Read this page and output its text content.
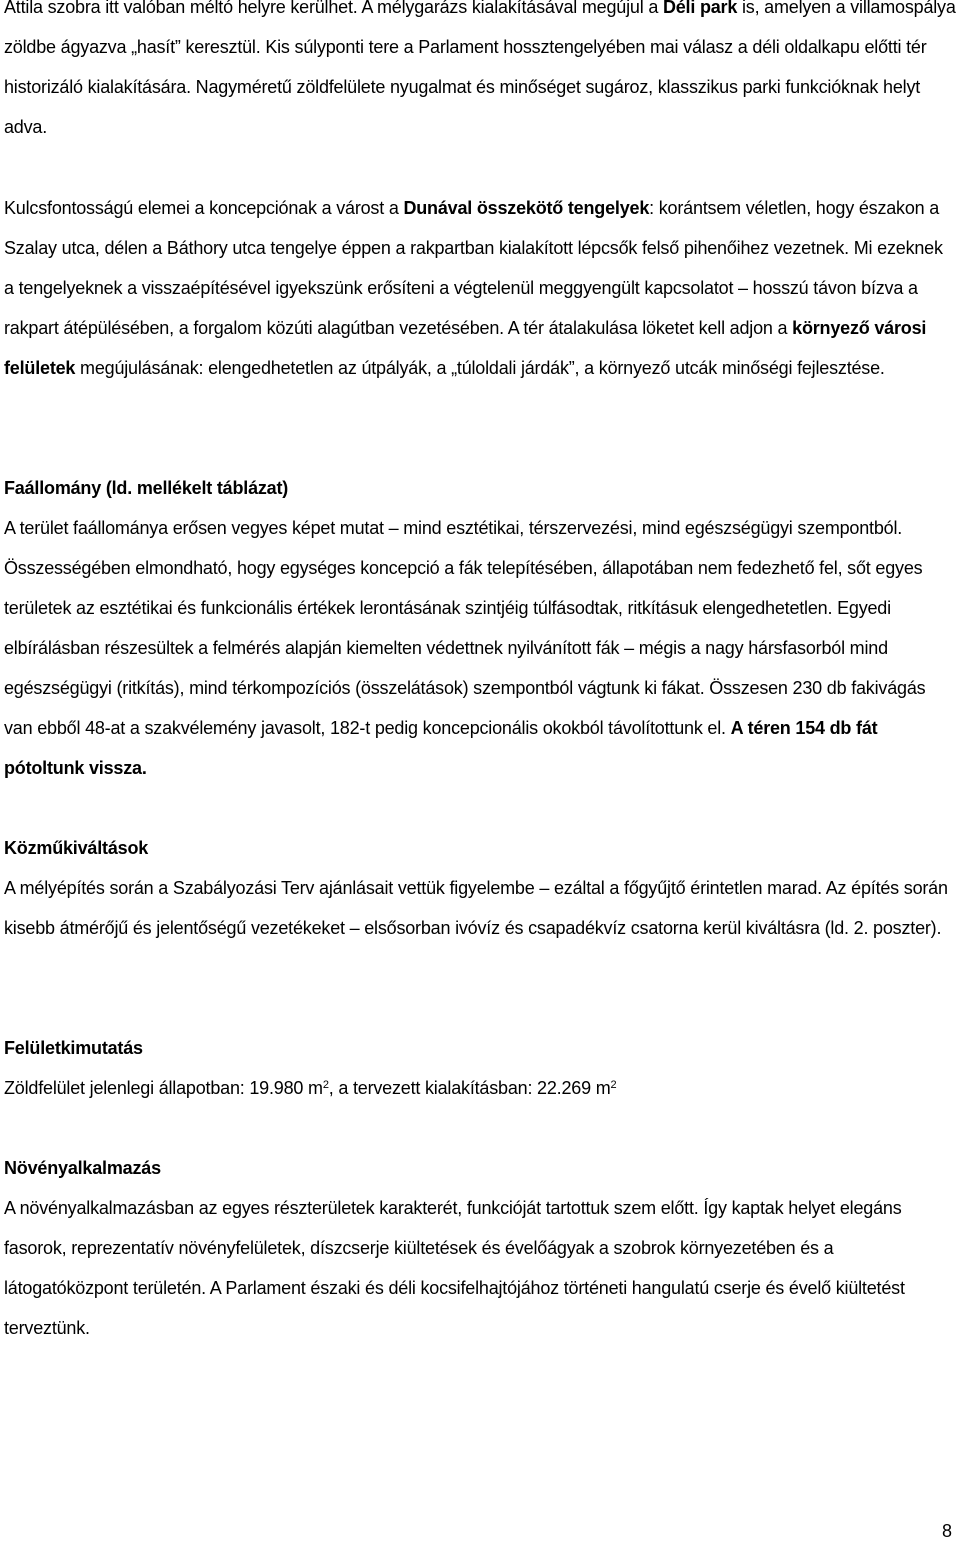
Attila szobra itt valóban méltó helyre kerülhet. A mélygarázs kialakításával megújul a Déli park is, amelyen a villamospálya zöldbe ágyazva „hasít” keresztül. Kis súlyponti tere a Parlament hossztengelyében mai válasz a déli oldalkapu előtti tér historizáló kialakítására. Nagyméretű zöldfelülete nyugalmat és minőséget sugároz, klasszikus parki funkcióknak helyt adva.

Kulcsfontosságú elemei a koncepciónak a várost a Dunával összekötő tengelyek: korántsem véletlen, hogy északon a Szalay utca, délen a Báthory utca tengelye éppen a rakpartban kialakított lépcsők felső pihenőihez vezetnek. Mi ezeknek a tengelyeknek a visszaépítésével igyekszünk erősíteni a végtelenül meggyengült kapcsolatot – hosszú távon bízva a rakpart átépülésében, a forgalom közúti alagútban vezetésében. A tér átalakulása löketet kell adjon a környező városi felületek megújulásának: elengedhetetlen az útpályák, a „túloldali járdák”, a környező utcák minőségi fejlesztése.

Faállomány (ld. mellékelt táblázat)

A terület faállománya erősen vegyes képet mutat – mind esztétikai, térszervezési, mind egészségügyi szempontból. Összességében elmondható, hogy egységes koncepció a fák telepítésében, állapotában nem fedezhető fel, sőt egyes területek az esztétikai és funkcionális értékek lerontásának szintjéig túlfásodtak, ritkításuk elengedhetetlen. Egyedi elbírálásban részesültek a felmérés alapján kiemelten védettnek nyilvánított fák – mégis a nagy hársfasorból mind egészségügyi (ritkítás), mind térkompozíciós (összelátások) szempontból vágtunk ki fákat. Összesen 230 db fakivágás van ebből 48-at a szakvélemény javasolt, 182-t pedig koncepcionális okokból távolítottunk el. A téren 154 db fát pótoltunk vissza.

Közműkiváltások

A mélyépítés során a Szabályozási Terv ajánlásait vettük figyelembe – ezáltal a főgyűjtő érintetlen marad. Az építés során kisebb átmérőjű és jelentőségű vezetékeket – elsősorban ivóvíz és csapadékvíz csatorna kerül kiváltásra (ld. 2. poszter).

Felületkimutatás

Zöldfelület jelenlegi állapotban: 19.980 $m^2$, a tervezett kialakításban: 22.269 $m^2$

Növényalkalmazás

A növényalkalmazásban az egyes részterületek karakterét, funkcióját tartottuk szem előtt. Így kaptak helyet elegáns fasorok, reprezentatív növényfelületek, díszcserje kiültetések és évelőágyak a szobrok környezetében és a látogatóközpont területén. A Parlament északi és déli kocsifelhajtójához történeti hangulatú cserje és évelő kiültetést terveztünk.

8
